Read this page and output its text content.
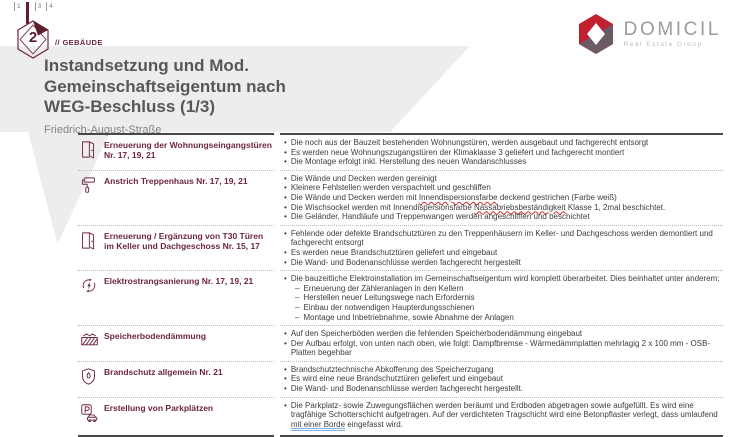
1	3 4
2	// GEBÄUDE
DOMICIL
Real Estate Group
Instandsetzung und Mod.
Gemeinschaftseigentum nach
WEG-Beschluss (1/3)
Friedrich-August-Straße
Erneuerung der Wohnungseingangstüren Nr. 17, 19, 21
• Die noch aus der Bauzeit bestehenden Wohnungstüren, werden ausgebaut und fachgerecht entsorgt
• Es werden neue Wohnungszugangstüren der Klimaklasse 3 geliefert und fachgerecht montiert
• Die Montage erfolgt inkl. Herstellung des neuen Wandanschlusses
Anstrich Treppenhaus Nr. 17, 19, 21	• Die Wände und Decken werden gereinigt
• Kleinere Fehlstellen werden verspachtelt und geschliffen
• Die Wände und Decken werden mit Innendispersionsfarbe deckend gestrichen (Farbe weiß)
• Die Wischsockel werden mit Innendispersionsfarbe Nassabriebsbeständigkeit Klasse 1, 2mal beschichtet.
• Die Geländer, Handläufe und Treppenwangen werden angeschliffen und beschichtet
Erneuerung / Ergänzung von T30 Türen im Keller und Dachgeschoss Nr. 15, 17
• Fehlende oder defekte Brandschutztüren zu den Treppenhäusern im Keller- und Dachgeschoss werden demontiert und fachgerecht entsorgt
• Es werden neue Brandschutztüren geliefert und eingebaut
• Die Wand- und Bodenanschlüsse werden fachgerecht hergestellt
Elektrostrangsanierung Nr. 17, 19, 21	• Die bauzeitliche Elektroinstallation im Gemeinschaftseigentum wird komplett überarbeitet. Dies beinhaltet unter anderem:
– Erneuerung der Zähleranlagen in den Kellern
– Herstellen neuer Leitungswege nach Erfordernis
– Einbau der notwendigen Haupterdungsschienen
– Montage und Inbetriebnahme, sowie Abnahme der Anlagen
Speicherbodendämmung	• Auf den Speicherböden werden die fehlenden Speicherbodendämmung eingebaut
• Der Aufbau erfolgt, von unten nach oben, wie folgt: Dampfbremse - Wärmedämmplatten mehrlagig 2 x 100 mm - OSB-Platten begehbar
Brandschutz allgemein Nr. 21	• Brandschutztechnische Abkofferung des Speicherzugang
• Es wird eine neue Brandschutztüren geliefert und eingebaut
• Die Wand- und Bodenanschlüsse werden fachgerecht hergestellt.
Erstellung von Parkplätzen	• Die Parkplatz- sowie Zuwegungsflächen werden beräumt und Erdboden abgetragen sowie aufgefüllt. Es wird eine tragfähige Schotterschicht aufgetragen. Auf der verdichteten Tragschicht wird eine Betonpflaster verlegt, dass umlaufend mit einer Borde eingefasst wird.
